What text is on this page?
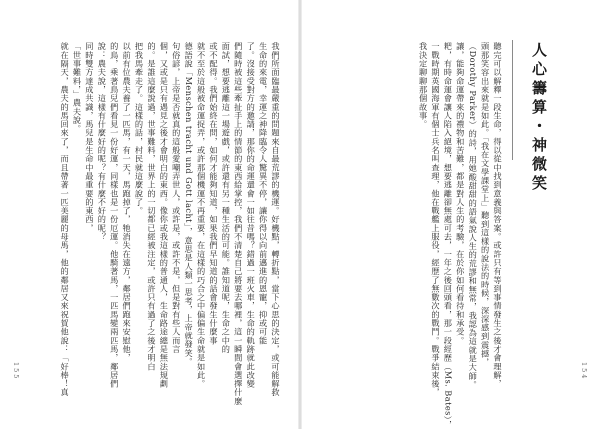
我們所面臨最嚴重的問題來自最荒謬的機運。好機點，轉折點，當下心思的決定，或可能解救
生命的來電，幸運之神降臨令人驚異不停，讓你得以向前邁進的恩寵，抑或可能
了。沒接受對方的邀請，那你的命運還會一如往昔嗎？錯過一班火車，生命的軌跡就此改變
們隨時被這些牽扯手上的情節的東西給掌控，我們不清楚自己將要去哪裡，這一瞬間會選擇什麼
面試，想要逃離這一場遊戲，或許還有另一種生活的可能。誰知道呢，生命之中的
或不配得。我們始終在問，如何才能夠知道，如果我們早知道的話會發生什麼事
就不至於這般被命運捉弄，或許那個機運不再重要，在這樣的巧合之中偏偏生命就是如此。
德語說「Menschen tracht und Gott lacht」，意思是人類一思考，上帝就發笑。
句俗諺，上帝是否就真的這般愛嘲弄世人，或許是，或許不是，但是對有些人而言
個，又或是只有遇見之後才會明白的東西。像你或我這樣的普通人，生命路途總是無法規劃
的。是誰這麼說過，世事難料，世界上的一切都已經被注定，或許只有過了之後才明白
把我馬牽走了。這樣的話，村民就這麼說了。
以前有位農夫養了一匹馬，有一天，馬跑掉了，牠消失在遠方，鄰居們跑來安慰他，
的鳥，乘著鳥兒們看見一份好運，同樣也是一份厄運。他騎著馬，一匹馬變兩匹馬，鄰居們
說：農夫說，這樣有什麼好的呢？有什麼不好的呢？
同時雙方達成共識，馬兒是生命中最重要的東西，
「世事難料，」農夫說。
就在隔天，農夫的馬回來了，而且帶著一匹美麗的母馬，他的鄰居又來祝賀他說：「好棒！真
155	聽完可以解釋一段生命，得以從中找到意義與答案。或許只有等到事情發生之後才會理解，
頭那笑容出來就是如此。「我在文學課堂上」聽到這樣的說法的時候，深深感到震撼，
（Dorothy Parker）的詩，用她酸甜甜的語氣說人生的荒謬和無常，我認為這就是大師。
讓，能夠命運帶來的禮物和苦難，都是對人生的考驗，在於你如何看待和承受。
耙，有時命運會讓人陷入絕境，想要逃離卻無處可去，一年之後回頭看，那一段經歷（Ms. Bates），
一戰時期英國海軍有個士兵名叫查理，他在戰艦上服役，經歷了無數次的戰鬥。戰爭結束後，
我決定聊聊那個故事。	人心籌算・神微笑
154
